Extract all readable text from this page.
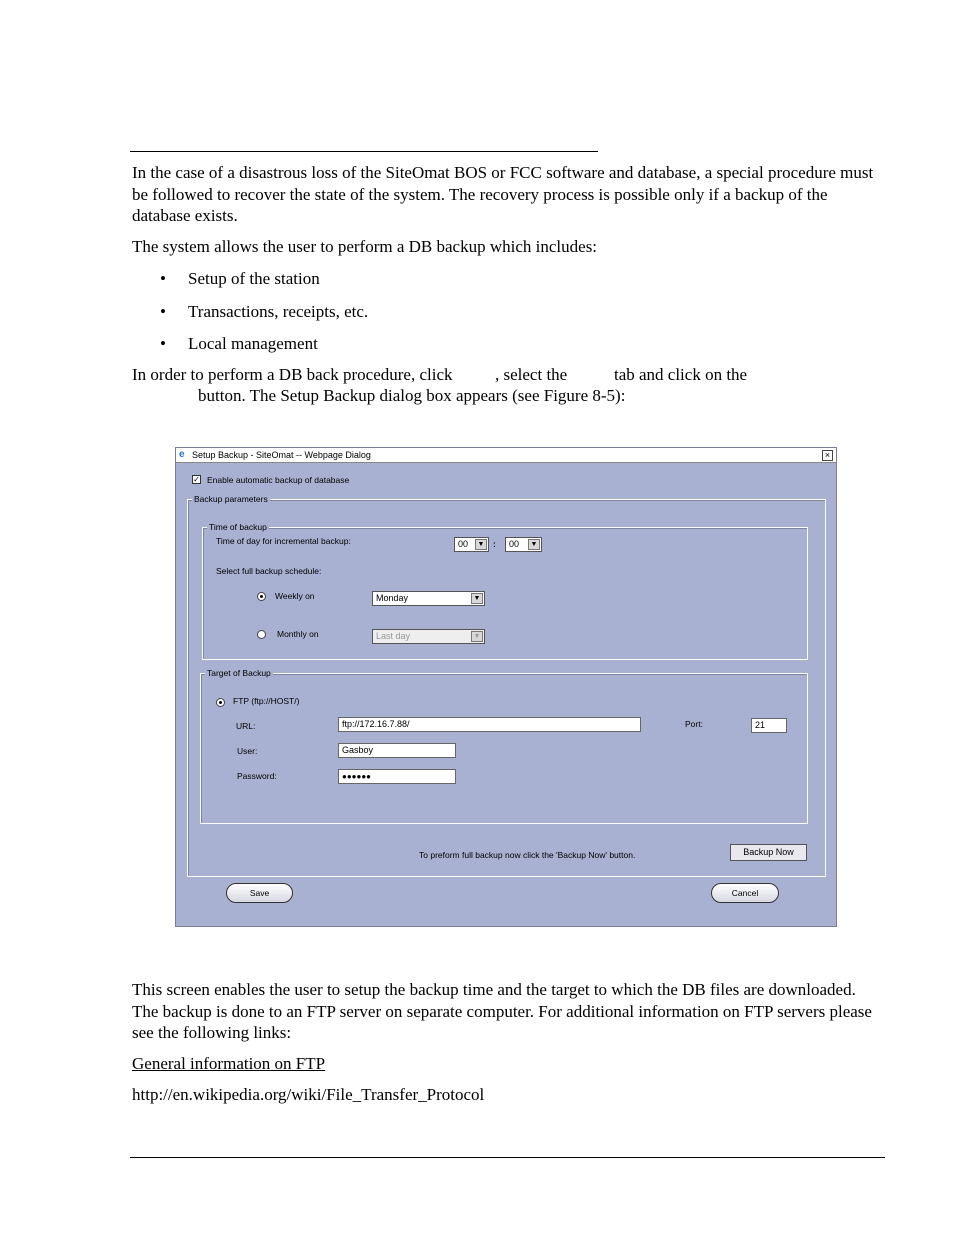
In the case of a disastrous loss of the SiteOmat BOS or FCC software and database, a special procedure must be followed to recover the state of the system. The recovery process is possible only if a backup of the database exists.

The system allows the user to perform a DB backup which includes:

• Setup of the station
• Transactions, receipts, etc.
• Local management

In order to perform a DB back procedure, click          , select the           tab and click on the

button. The Setup Backup dialog box appears (see Figure 8-5):

e Setup Backup - SiteOmat -- Webpage Dialog	×
✓ Enable automatic backup of database
Backup parameters
Time of backup
Time of day for incremental backup:	00	▼ :	00	▼
Select full backup schedule:
Weekly on	Monday	▼
Monthly on	Last day	▼
Target of Backup
FTP (ftp://HOST/)
URL:	ftp://172.16.7.88/	Port:	21
User:	Gasboy
Password:	●●●●●●
To preform full backup now click the 'Backup Now' button.	Backup Now
Save	Cancel

This screen enables the user to setup the backup time and the target to which the DB files are downloaded. The backup is done to an FTP server on separate computer. For additional information on FTP servers please see the following links:

General information on FTP

http://en.wikipedia.org/wiki/File_Transfer_Protocol
